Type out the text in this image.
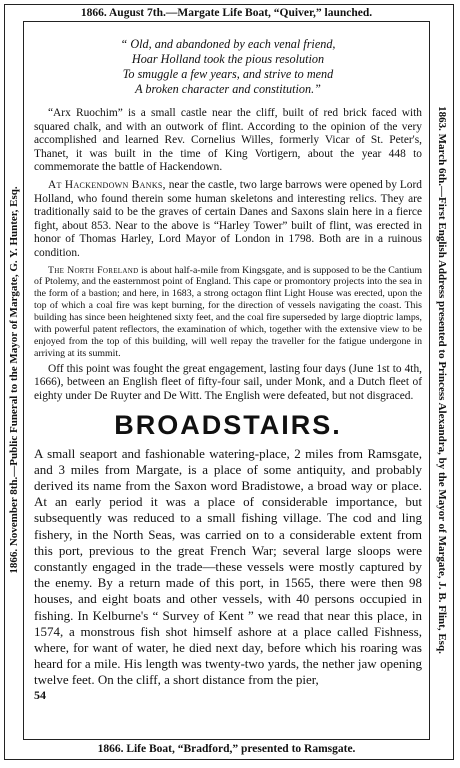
1866. August 7th.—Margate Life Boat, “Quiver,” launched.
1866. Life Boat, “Bradford,” presented to Ramsgate.
1866. November 8th.—Public Funeral to the Mayor of Margate, G. Y. Hunter, Esq.	1863. March 6th.—First English Address presented to Princess Alexandra, by the Mayor of Margate, J. B. Flint, Esq.
“ Old, and abandoned by each venal friend,
Hoar Holland took the pious resolution
To smuggle a few years, and strive to mend
A broken character and constitution.”

“Arx Ruochim” is a small castle near the cliff, built of red brick faced with squared chalk, and with an outwork of flint. According to the opinion of the very accomplished and learned Rev. Cornelius Willes, formerly Vicar of St. Peter's, Thanet, it was built in the time of King Vortigern, about the year 448 to commemorate the battle of Hackendown.

At Hackendown Banks, near the castle, two large barrows were opened by Lord Holland, who found therein some human skeletons and interesting relics. They are traditionally said to be the graves of certain Danes and Saxons slain here in a fierce fight, about 853. Near to the above is “Harley Tower” built of flint, was erected in honor of Thomas Harley, Lord Mayor of London in 1798. Both are in a ruinous condition.

The North Foreland is about half-a-mile from Kingsgate, and is supposed to be the Cantium of Ptolemy, and the easternmost point of England. This cape or promontory projects into the sea in the form of a bastion; and here, in 1683, a strong octagon flint Light House was erected, upon the top of which a coal fire was kept burning, for the direction of vessels navigating the coast. This building has since been heightened sixty feet, and the coal fire superseded by large dioptric lamps, with powerful patent reflectors, the examination of which, together with the extensive view to be enjoyed from the top of this building, will well repay the traveller for the fatigue undergone in arriving at its summit.

Off this point was fought the great engagement, lasting four days (June 1st to 4th, 1666), between an English fleet of fifty-four sail, under Monk, and a Dutch fleet of eighty under De Ruyter and De Witt. The English were defeated, but not disgraced.

BROADSTAIRS.

A small seaport and fashionable watering-place, 2 miles from Ramsgate, and 3 miles from Margate, is a place of some antiquity, and probably derived its name from the Saxon word Bradistowe, a broad way or place. At an early period it was a place of considerable importance, but subsequently was reduced to a small fishing village. The cod and ling fishery, in the North Seas, was carried on to a considerable extent from this port, previous to the great French War; several large sloops were constantly engaged in the trade—these vessels were mostly captured by the enemy. By a return made of this port, in 1565, there were then 98 houses, and eight boats and other vessels, with 40 persons occupied in fishing. In Kelburne's “ Survey of Kent ” we read that near this place, in 1574, a monstrous fish shot himself ashore at a place called Fishness, where, for want of water, he died next day, before which his roaring was heard for a mile. His length was twenty-two yards, the nether jaw opening twelve feet. On the cliff, a short distance from the pier,

54
